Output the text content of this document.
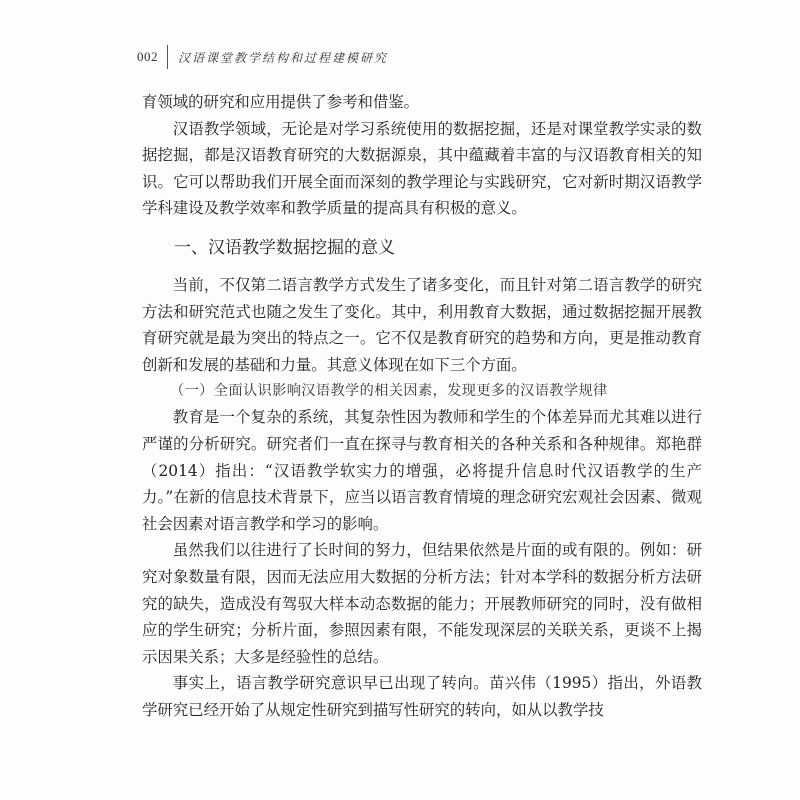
002 汉语课堂教学结构和过程建模研究

育领域的研究和应用提供了参考和借鉴。

汉语教学领域，无论是对学习系统使用的数据挖掘，还是对课堂教学实录的数据挖掘，都是汉语教育研究的大数据源泉，其中蕴藏着丰富的与汉语教育相关的知识。它可以帮助我们开展全面而深刻的教学理论与实践研究，它对新时期汉语教学学科建设及教学效率和教学质量的提高具有积极的意义。

一、汉语教学数据挖掘的意义

当前，不仅第二语言教学方式发生了诸多变化，而且针对第二语言教学的研究方法和研究范式也随之发生了变化。其中，利用教育大数据，通过数据挖掘开展教育研究就是最为突出的特点之一。它不仅是教育研究的趋势和方向，更是推动教育创新和发展的基础和力量。其意义体现在如下三个方面。

（一）全面认识影响汉语教学的相关因素，发现更多的汉语教学规律

教育是一个复杂的系统，其复杂性因为教师和学生的个体差异而尤其难以进行严谨的分析研究。研究者们一直在探寻与教育相关的各种关系和各种规律。郑艳群（2014）指出：“汉语教学软实力的增强，必将提升信息时代汉语教学的生产力。”在新的信息技术背景下，应当以语言教育情境的理念研究宏观社会因素、微观社会因素对语言教学和学习的影响。

虽然我们以往进行了长时间的努力，但结果依然是片面的或有限的。例如：研究对象数量有限，因而无法应用大数据的分析方法；针对本学科的数据分析方法研究的缺失，造成没有驾驭大样本动态数据的能力；开展教师研究的同时，没有做相应的学生研究；分析片面，参照因素有限，不能发现深层的关联关系，更谈不上揭示因果关系；大多是经验性的总结。

事实上，语言教学研究意识早已出现了转向。苗兴伟（1995）指出，外语教学研究已经开始了从规定性研究到描写性研究的转向，如从以教学技
